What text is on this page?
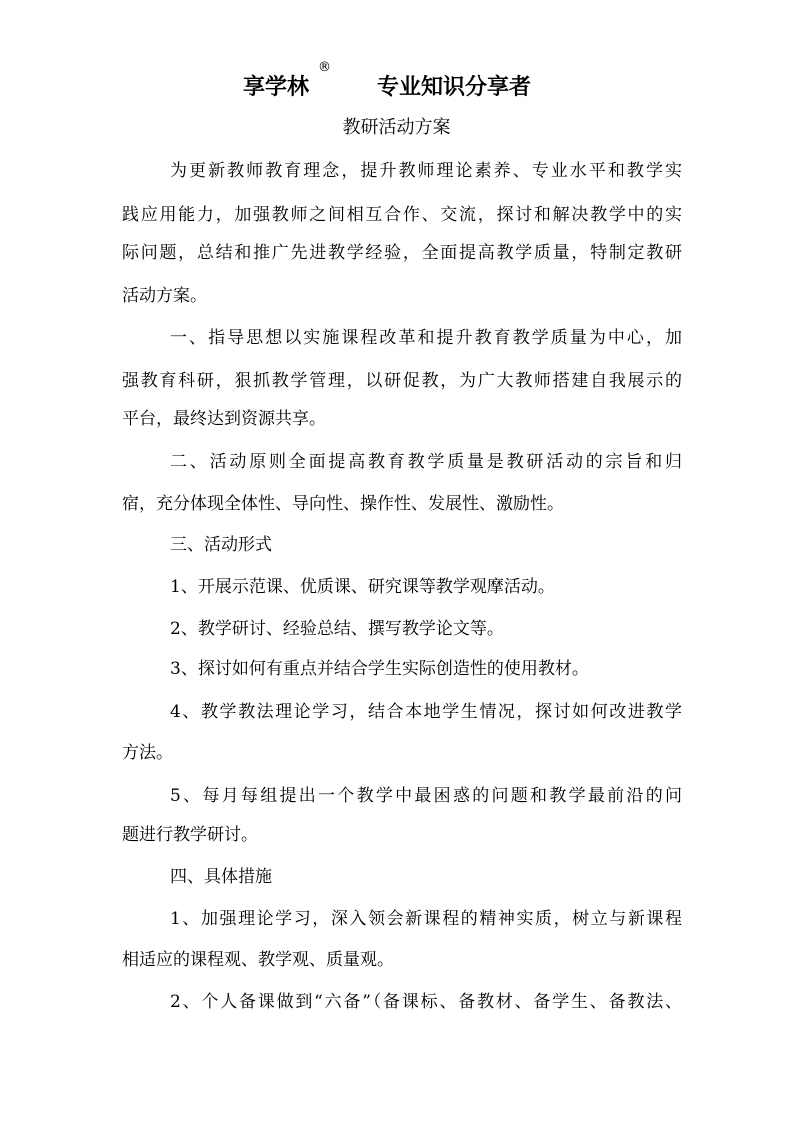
享学林
®
专业知识分享者
教研活动方案
为更新教师教育理念，提升教师理论素养、专业水平和教学实
践应用能力，加强教师之间相互合作、交流，探讨和解决教学中的实
际问题，总结和推广先进教学经验，全面提高教学质量，特制定教研
活动方案。
一、指导思想以实施课程改革和提升教育教学质量为中心，加
强教育科研，狠抓教学管理，以研促教，为广大教师搭建自我展示的
平台，最终达到资源共享。
二、活动原则全面提高教育教学质量是教研活动的宗旨和归
宿，充分体现全体性、导向性、操作性、发展性、激励性。
三、活动形式
1、开展示范课、优质课、研究课等教学观摩活动。
2、教学研讨、经验总结、撰写教学论文等。
3、探讨如何有重点并结合学生实际创造性的使用教材。
4、教学教法理论学习，结合本地学生情况，探讨如何改进教学
方法。
5、每月每组提出一个教学中最困惑的问题和教学最前沿的问
题进行教学研讨。
四、具体措施
1、加强理论学习，深入领会新课程的精神实质，树立与新课程
相适应的课程观、教学观、质量观。
2、个人备课做到“六备”（备课标、备教材、备学生、备教法、
